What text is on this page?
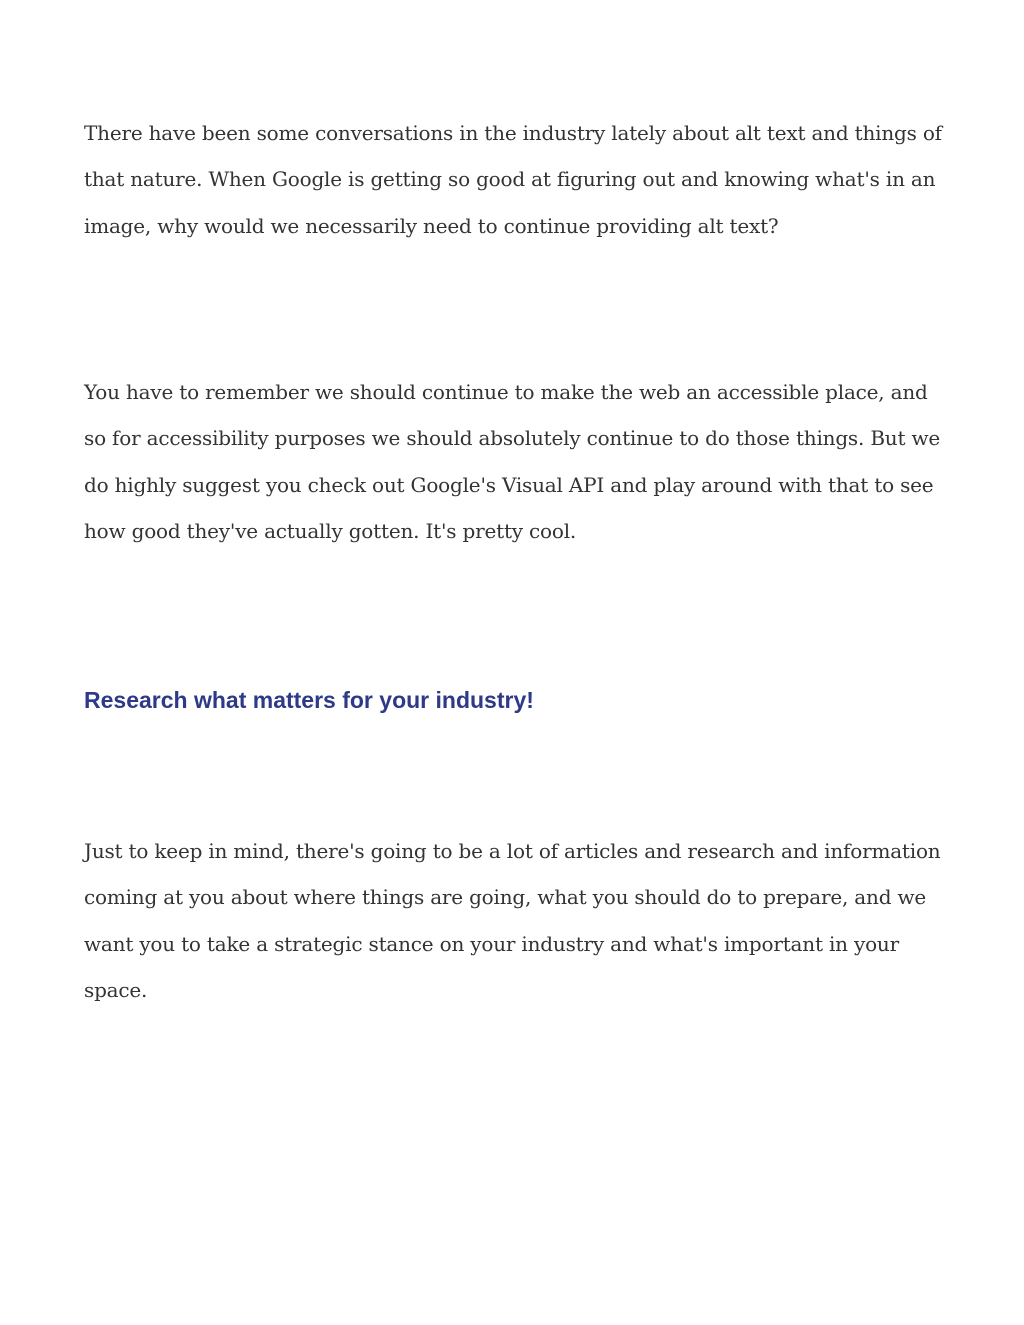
There have been some conversations in the industry lately about alt text and things of
that nature. When Google is getting so good at figuring out and knowing what's in an
image, why would we necessarily need to continue providing alt text?

You have to remember we should continue to make the web an accessible place, and
so for accessibility purposes we should absolutely continue to do those things. But we
do highly suggest you check out Google's Visual API and play around with that to see
how good they've actually gotten. It's pretty cool.

Research what matters for your industry!

Just to keep in mind, there's going to be a lot of articles and research and information
coming at you about where things are going, what you should do to prepare, and we
want you to take a strategic stance on your industry and what's important in your
space.
